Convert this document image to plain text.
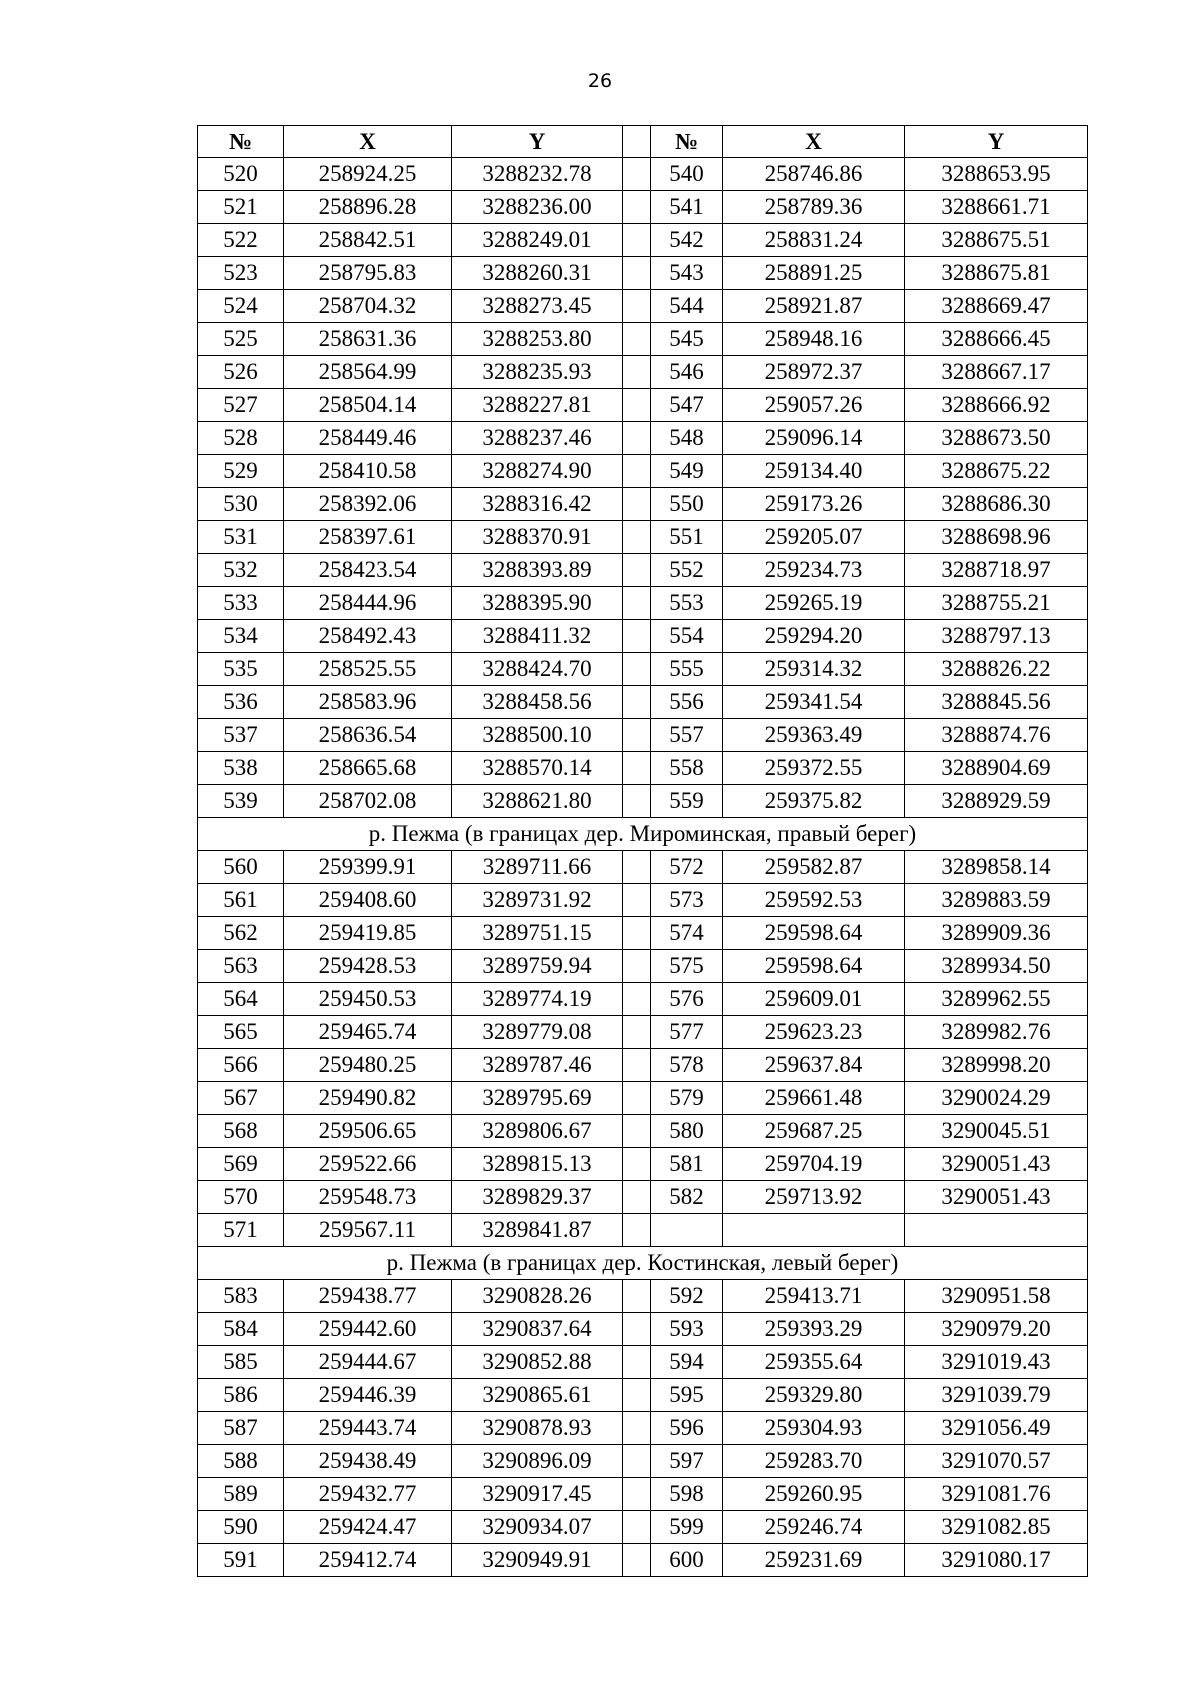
26
№	X	Y		№	X	Y
520	258924.25	3288232.78		540	258746.86	3288653.95
521	258896.28	3288236.00		541	258789.36	3288661.71
522	258842.51	3288249.01		542	258831.24	3288675.51
523	258795.83	3288260.31		543	258891.25	3288675.81
524	258704.32	3288273.45		544	258921.87	3288669.47
525	258631.36	3288253.80		545	258948.16	3288666.45
526	258564.99	3288235.93		546	258972.37	3288667.17
527	258504.14	3288227.81		547	259057.26	3288666.92
528	258449.46	3288237.46		548	259096.14	3288673.50
529	258410.58	3288274.90		549	259134.40	3288675.22
530	258392.06	3288316.42		550	259173.26	3288686.30
531	258397.61	3288370.91		551	259205.07	3288698.96
532	258423.54	3288393.89		552	259234.73	3288718.97
533	258444.96	3288395.90		553	259265.19	3288755.21
534	258492.43	3288411.32		554	259294.20	3288797.13
535	258525.55	3288424.70		555	259314.32	3288826.22
536	258583.96	3288458.56		556	259341.54	3288845.56
537	258636.54	3288500.10		557	259363.49	3288874.76
538	258665.68	3288570.14		558	259372.55	3288904.69
539	258702.08	3288621.80		559	259375.82	3288929.59
р. Пежма (в границах дер. Мироминская, правый берег)						
560	259399.91	3289711.66		572	259582.87	3289858.14
561	259408.60	3289731.92		573	259592.53	3289883.59
562	259419.85	3289751.15		574	259598.64	3289909.36
563	259428.53	3289759.94		575	259598.64	3289934.50
564	259450.53	3289774.19		576	259609.01	3289962.55
565	259465.74	3289779.08		577	259623.23	3289982.76
566	259480.25	3289787.46		578	259637.84	3289998.20
567	259490.82	3289795.69		579	259661.48	3290024.29
568	259506.65	3289806.67		580	259687.25	3290045.51
569	259522.66	3289815.13		581	259704.19	3290051.43
570	259548.73	3289829.37		582	259713.92	3290051.43
571	259567.11	3289841.87				
р. Пежма (в границах дер. Костинская, левый берег)						
583	259438.77	3290828.26		592	259413.71	3290951.58
584	259442.60	3290837.64		593	259393.29	3290979.20
585	259444.67	3290852.88		594	259355.64	3291019.43
586	259446.39	3290865.61		595	259329.80	3291039.79
587	259443.74	3290878.93		596	259304.93	3291056.49
588	259438.49	3290896.09		597	259283.70	3291070.57
589	259432.77	3290917.45		598	259260.95	3291081.76
590	259424.47	3290934.07		599	259246.74	3291082.85
591	259412.74	3290949.91		600	259231.69	3291080.17
